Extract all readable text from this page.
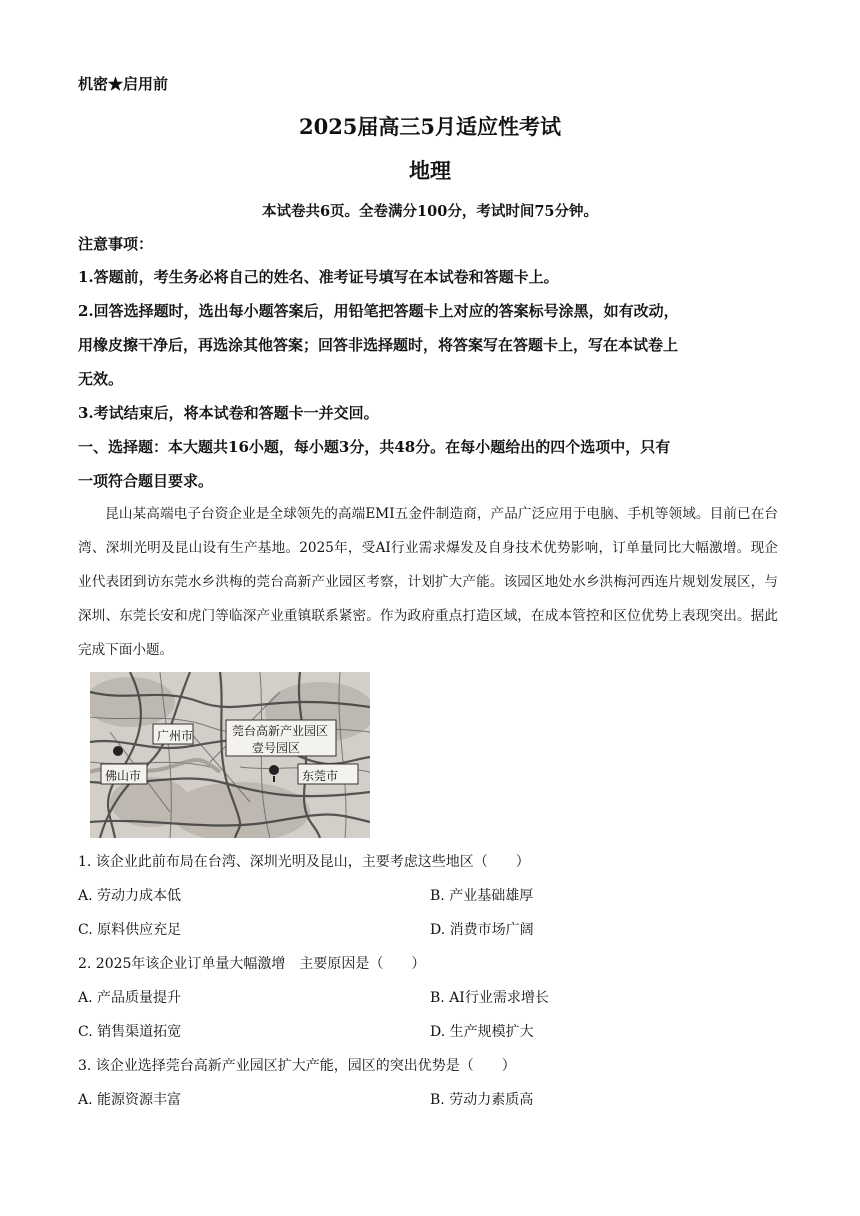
机密★启用前
2025届高三5月适应性考试
地理
本试卷共6页。全卷满分100分，考试时间75分钟。
注意事项：
1.答题前，考生务必将自己的姓名、准考证号填写在本试卷和答题卡上。
2.回答选择题时，选出每小题答案后，用铅笔把答题卡上对应的答案标号涂黑，如有改动，
用橡皮擦干净后，再选涂其他答案；回答非选择题时，将答案写在答题卡上，写在本试卷上
无效。
3.考试结束后，将本试卷和答题卡一并交回。
一、选择题：本大题共16小题，每小题3分，共48分。在每小题给出的四个选项中，只有
一项符合题目要求。

昆山某高端电子台资企业是全球领先的高端EMI五金件制造商，产品广泛应用于电脑、手机等领域。目前已在台湾、深圳光明及昆山设有生产基地。2025年，受AI行业需求爆发及自身技术优势影响，订单量同比大幅激增。现企业代表团到访东莞水乡洪梅的莞台高新产业园区考察，计划扩大产能。该园区地处水乡洪梅河西连片规划发展区，与深圳、东莞长安和虎门等临深产业重镇联系紧密。作为政府重点打造区域，在成本管控和区位优势上表现突出。据此完成下面小题。

广州市
佛山市	东莞市
莞台高新产业园区
壹号园区
1. 该企业此前布局在台湾、深圳光明及昆山，主要考虑这些地区（　　）
A. 劳动力成本低	B. 产业基础雄厚
C. 原料供应充足	D. 消费市场广阔
2. 2025年该企业订单量大幅激增　主要原因是（　　）
A. 产品质量提升	B. AI行业需求增长
C. 销售渠道拓宽	D. 生产规模扩大
3. 该企业选择莞台高新产业园区扩大产能，园区的突出优势是（　　）
A. 能源资源丰富	B. 劳动力素质高
